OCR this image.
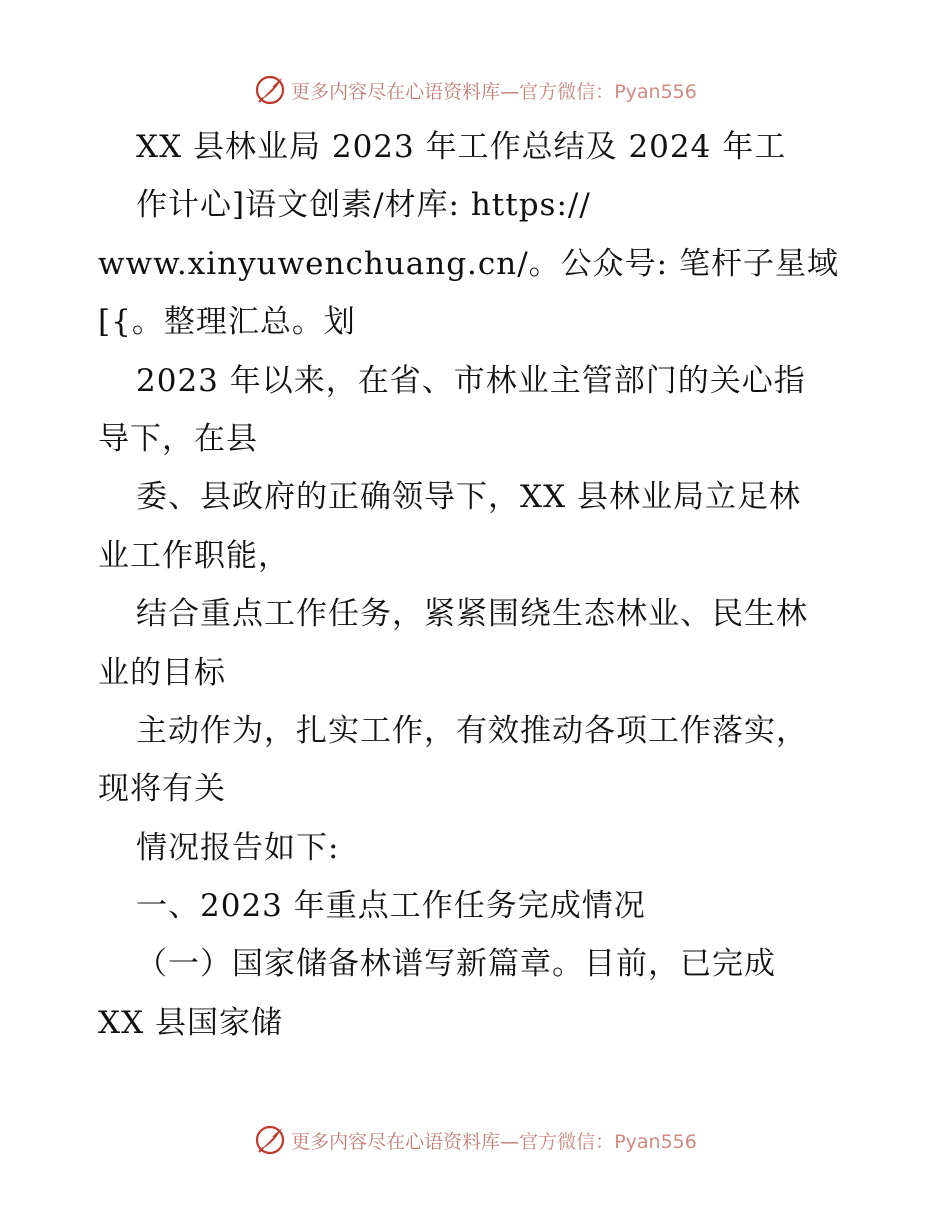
更多内容尽在心语资料库—官方微信：Pyan556
XX 县林业局 2023 年工作总结及 2024 年工
作计心]语文创素/材库: https://
www.xinyuwenchuang.cn/。公众号: 笔杆子星域
[{。整理汇总。划
2023 年以来，在省、市林业主管部门的关心指
导下，在县
委、县政府的正确领导下，XX 县林业局立足林
业工作职能，
结合重点工作任务，紧紧围绕生态林业、民生林
业的目标
主动作为，扎实工作，有效推动各项工作落实，
现将有关
情况报告如下:
一、2023 年重点工作任务完成情况
（一）国家储备林谱写新篇章。目前，已完成
XX 县国家储
更多内容尽在心语资料库—官方微信：Pyan556
